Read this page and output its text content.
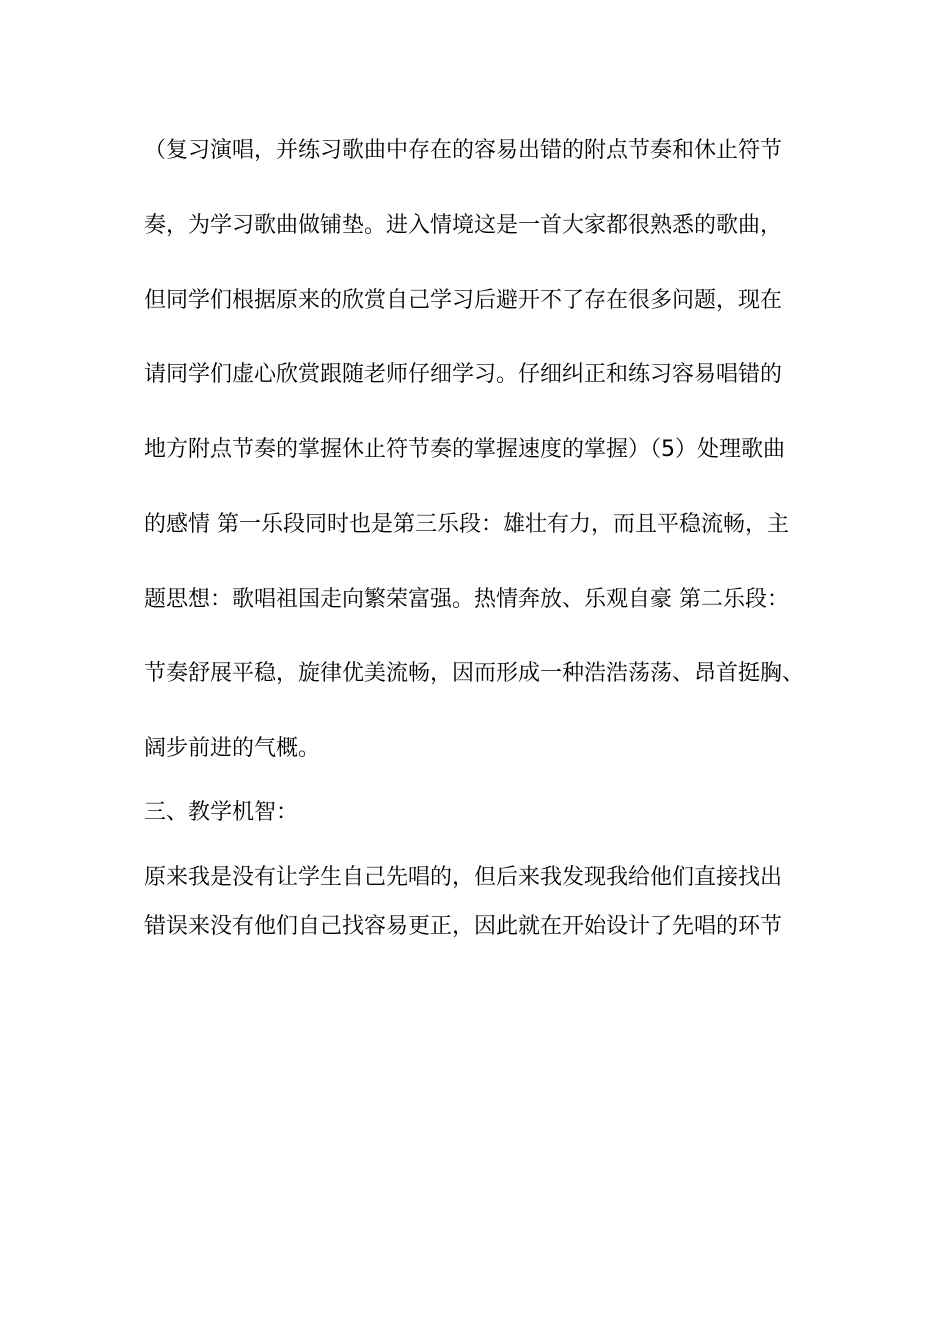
（复习演唱，并练习歌曲中存在的容易出错的附点节奏和休止符节
奏，为学习歌曲做铺垫。进入情境这是一首大家都很熟悉的歌曲，
但同学们根据原来的欣赏自己学习后避开不了存在很多问题，现在
请同学们虚心欣赏跟随老师仔细学习。仔细纠正和练习容易唱错的
地方附点节奏的掌握休止符节奏的掌握速度的掌握）（5）处理歌曲
的感情 第一乐段同时也是第三乐段：雄壮有力，而且平稳流畅，主
题思想：歌唱祖国走向繁荣富强。热情奔放、乐观自豪 第二乐段：
节奏舒展平稳，旋律优美流畅，因而形成一种浩浩荡荡、昂首挺胸、
阔步前进的气概。
三、教学机智：
原来我是没有让学生自己先唱的，但后来我发现我给他们直接找出
错误来没有他们自己找容易更正，因此就在开始设计了先唱的环节
